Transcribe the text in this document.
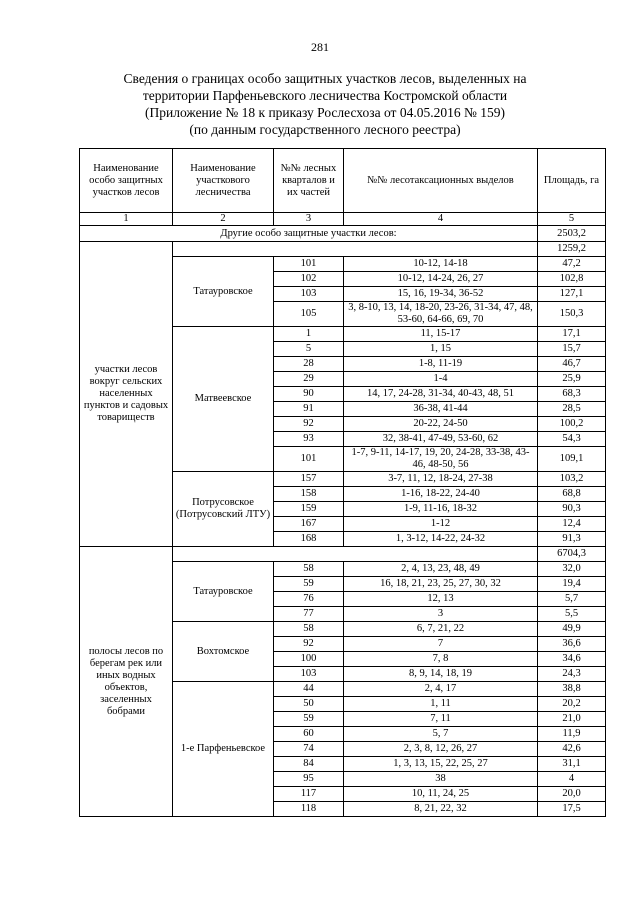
281
Сведения о границах особо защитных участков лесов, выделенных на
территории Парфеньевского лесничества Костромской области
(Приложение № 18 к приказу Рослесхоза от 04.05.2016 № 159)
(по данным государственного лесного реестра)
Наименование особо защитных участков лесов	Наименование участкового лесничества	№№ лесных кварталов и их частей	№№ лесотаксационных выделов	Площадь, га
1	2	3	4	5
Другие особо защитные участки лесов:				2503,2
участки лесов вокруг сельских населенных пунктов и садовых товариществ				1259,2
	Татауровское	101	10-12, 14-18	47,2
		102	10-12, 14-24, 26, 27	102,8
		103	15, 16, 19-34, 36-52	127,1
		105	3, 8-10, 13, 14, 18-20, 23-26, 31-34, 47, 48, 53-60, 64-66, 69, 70	150,3
	Матвеевское	1	11, 15-17	17,1
		5	1, 15	15,7
		28	1-8, 11-19	46,7
		29	1-4	25,9
		90	14, 17, 24-28, 31-34, 40-43, 48, 51	68,3
		91	36-38, 41-44	28,5
		92	20-22, 24-50	100,2
		93	32, 38-41, 47-49, 53-60, 62	54,3
		101	1-7, 9-11, 14-17, 19, 20, 24-28, 33-38, 43-46, 48-50, 56	109,1
	Потрусовское (Потрусовский ЛТУ)	157	3-7, 11, 12, 18-24, 27-38	103,2
		158	1-16, 18-22, 24-40	68,8
		159	1-9, 11-16, 18-32	90,3
		167	1-12	12,4
		168	1, 3-12, 14-22, 24-32	91,3
полосы лесов по берегам рек или иных водных объектов, заселенных бобрами				6704,3
	Татауровское	58	2, 4, 13, 23, 48, 49	32,0
		59	16, 18, 21, 23, 25, 27, 30, 32	19,4
		76	12, 13	5,7
		77	3	5,5
	Вохтомское	58	6, 7, 21, 22	49,9
		92	7	36,6
		100	7, 8	34,6
		103	8, 9, 14, 18, 19	24,3
	1-е Парфеньевское	44	2, 4, 17	38,8
		50	1, 11	20,2
		59	7, 11	21,0
		60	5, 7	11,9
		74	2, 3, 8, 12, 26, 27	42,6
		84	1, 3, 13, 15, 22, 25, 27	31,1
		95	38	4
		117	10, 11, 24, 25	20,0
		118	8, 21, 22, 32	17,5
